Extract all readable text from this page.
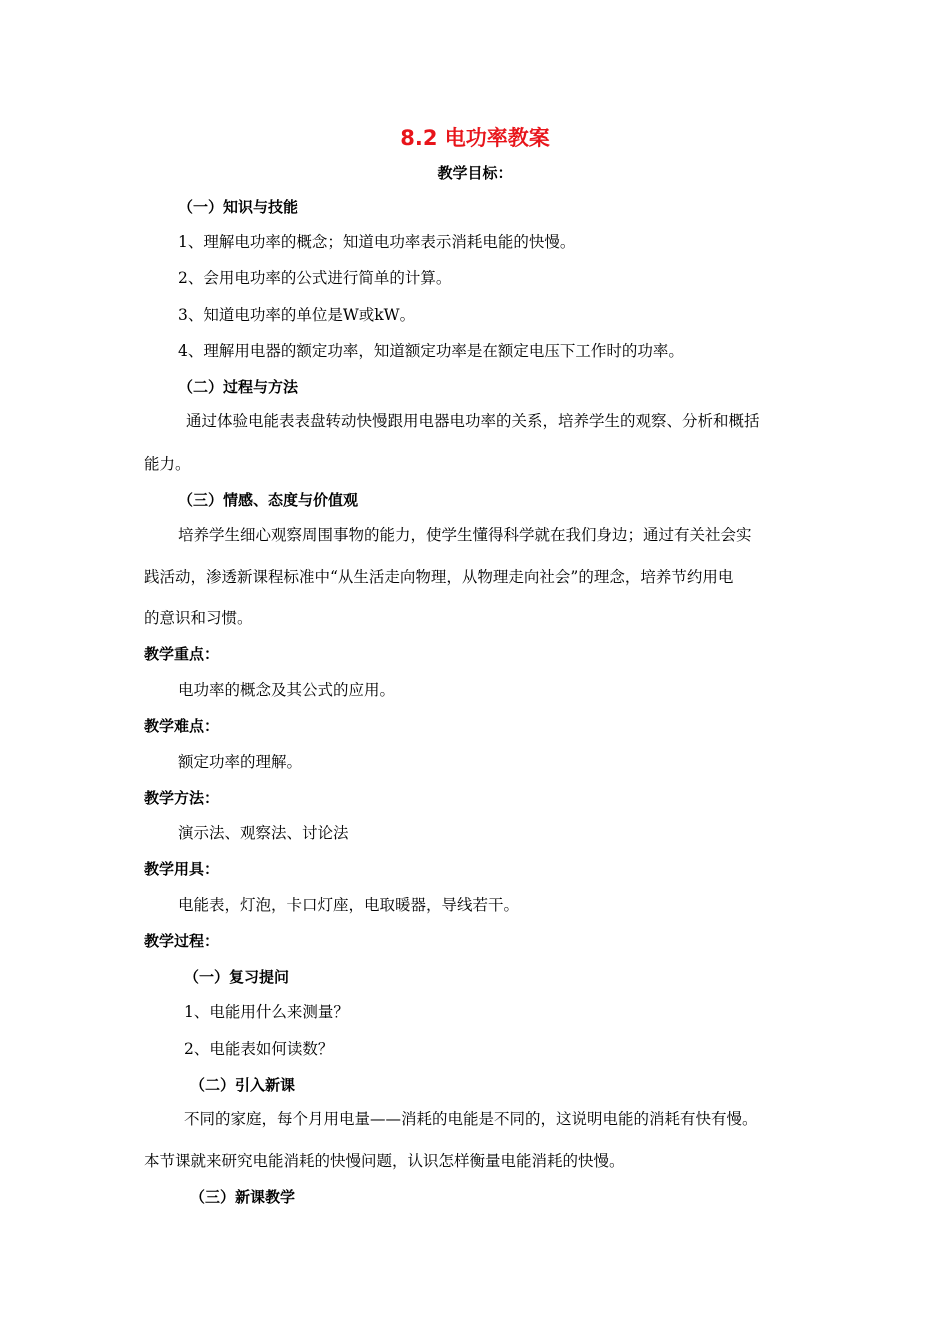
8.2 电功率教案
教学目标：
（一）知识与技能
1、理解电功率的概念；知道电功率表示消耗电能的快慢。
2、会用电功率的公式进行简单的计算。
3、知道电功率的单位是W或kW。
4、理解用电器的额定功率，知道额定功率是在额定电压下工作时的功率。
（二）过程与方法
通过体验电能表表盘转动快慢跟用电器电功率的关系，培养学生的观察、分析和概括
能力。
（三）情感、态度与价值观
培养学生细心观察周围事物的能力，使学生懂得科学就在我们身边；通过有关社会实
践活动，渗透新课程标准中“从生活走向物理，从物理走向社会”的理念，培养节约用电
的意识和习惯。
教学重点：
电功率的概念及其公式的应用。
教学难点：
额定功率的理解。
教学方法：
演示法、观察法、讨论法
教学用具：
电能表，灯泡，卡口灯座，电取暖器，导线若干。
教学过程：
（一）复习提问
1、电能用什么来测量？
2、电能表如何读数？
（二）引入新课
不同的家庭，每个月用电量——消耗的电能是不同的，这说明电能的消耗有快有慢。
本节课就来研究电能消耗的快慢问题，认识怎样衡量电能消耗的快慢。
（三）新课教学
